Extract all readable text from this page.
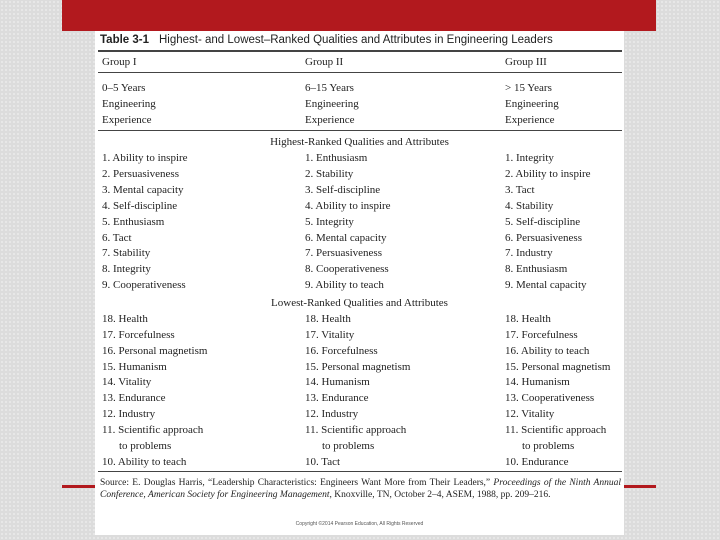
Table 3-1 Highest- and Lowest–Ranked Qualities and Attributes in Engineering Leaders
Group I	Group II	Group III
0–5 Years
Engineering
Experience
6–15 Years
Engineering
Experience
> 15 Years
Engineering
Experience
Highest-Ranked Qualities and Attributes
1. Ability to inspire
2. Persuasiveness
3. Mental capacity
4. Self-discipline
5. Enthusiasm
6. Tact
7. Stability
8. Integrity
9. Cooperativeness
1. Enthusiasm
2. Stability
3. Self-discipline
4. Ability to inspire
5. Integrity
6. Mental capacity
7. Persuasiveness
8. Cooperativeness
9. Ability to teach
1. Integrity
2. Ability to inspire
3. Tact
4. Stability
5. Self-discipline
6. Persuasiveness
7. Industry
8. Enthusiasm
9. Mental capacity
Lowest-Ranked Qualities and Attributes
18. Health
17. Forcefulness
16. Personal magnetism
15. Humanism
14. Vitality
13. Endurance
12. Industry
11. Scientific approach
to problems
10. Ability to teach
18. Health
17. Vitality
16. Forcefulness
15. Personal magnetism
14. Humanism
13. Endurance
12. Industry
11. Scientific approach
to problems
10. Tact
18. Health
17. Forcefulness
16. Ability to teach
15. Personal magnetism
14. Humanism
13. Cooperativeness
12. Vitality
11. Scientific approach
to problems
10. Endurance
Source: E. Douglas Harris, “Leadership Characteristics: Engineers Want More from Their Leaders,” Proceedings of the Ninth Annual Conference, American Society for Engineering Management, Knoxville, TN, October 2–4, ASEM, 1988, pp. 209–216.
Copyright ©2014 Pearson Education, All Rights Reserved
